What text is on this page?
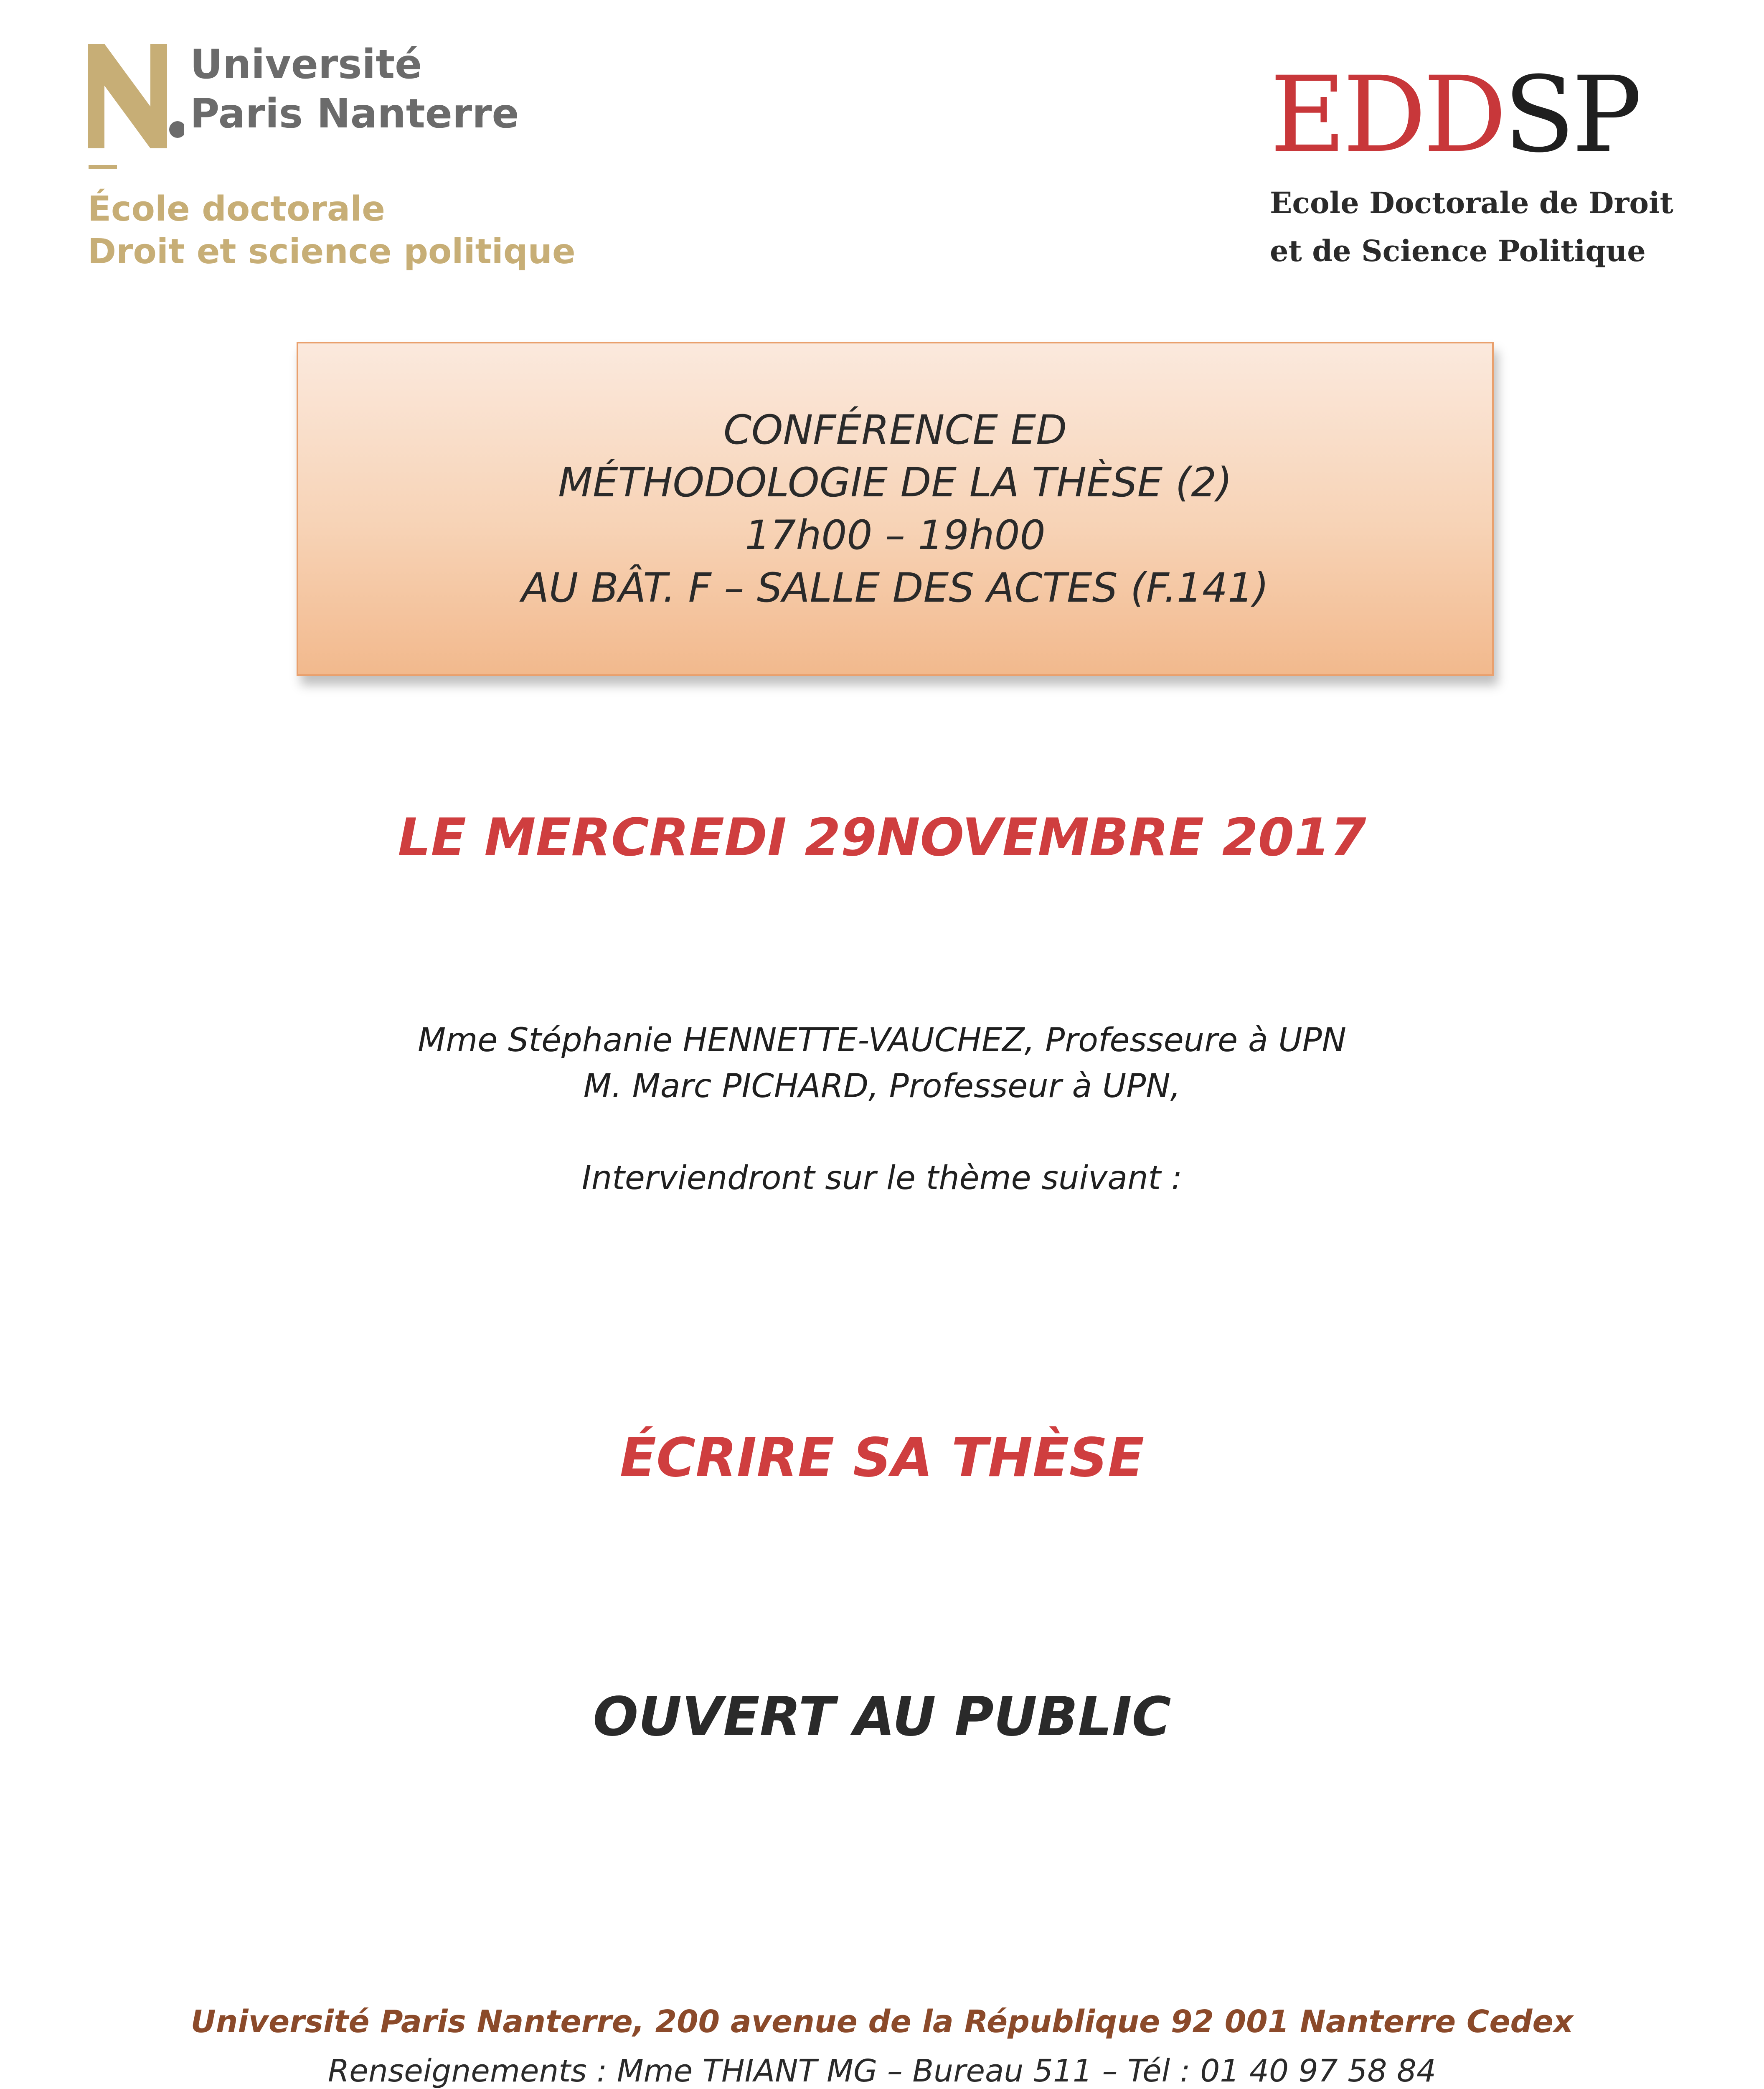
Université
Paris Nanterre
École doctorale
Droit et science politique
EDDSP
Ecole Doctorale de Droit
et de Science Politique
CONFÉRENCE ED
MÉTHODOLOGIE DE LA THÈSE (2)
17h00 – 19h00
AU BÂT. F – SALLE DES ACTES (F.141)
LE MERCREDI 29NOVEMBRE 2017
Mme Stéphanie HENNETTE-VAUCHEZ, Professeure à UPN
M. Marc PICHARD, Professeur à UPN,
Interviendront sur le thème suivant :
ÉCRIRE SA THÈSE
OUVERT AU PUBLIC
Université Paris Nanterre, 200 avenue de la République 92 001 Nanterre Cedex
Renseignements : Mme THIANT MG – Bureau 511 – Tél : 01 40 97 58 84
